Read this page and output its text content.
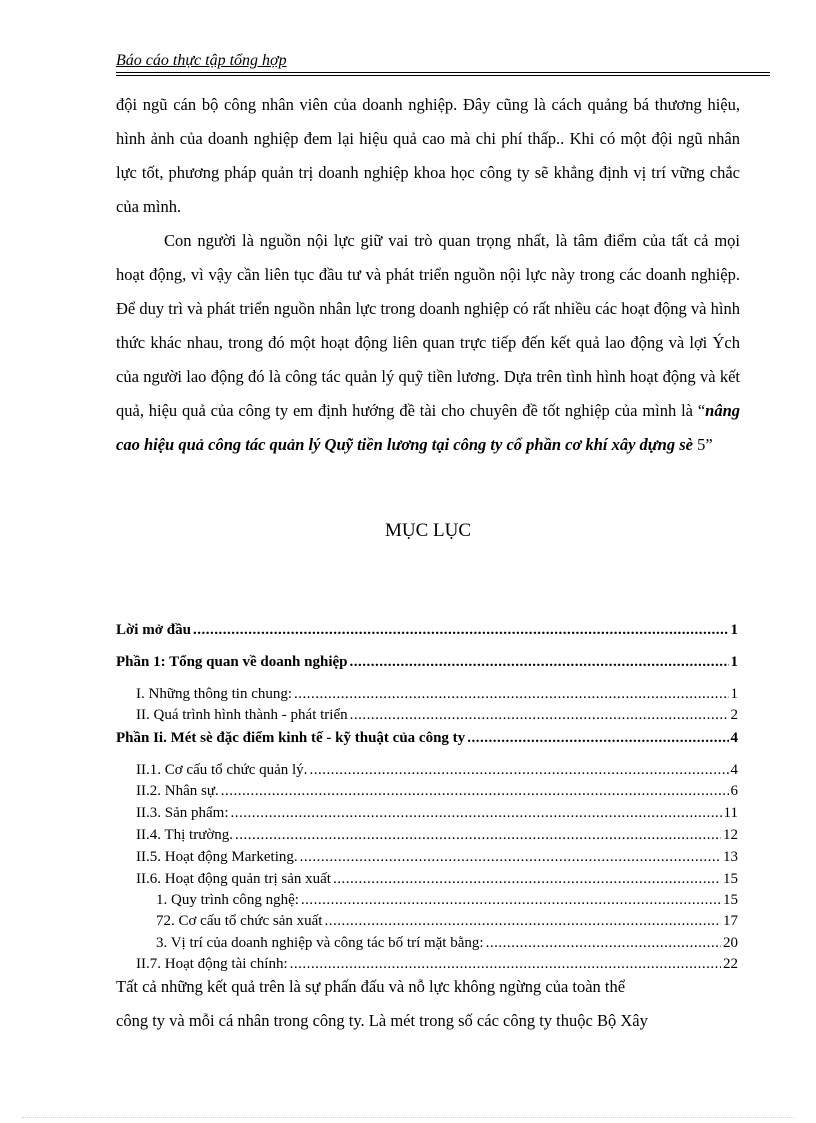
Báo cáo thực tập tổng hợp

đội ngũ cán bộ công nhân viên của doanh nghiệp. Đây cũng là cách quảng bá thương hiệu, hình ảnh của doanh nghiệp đem lại hiệu quả cao mà chi phí thấp.. Khi có một đội ngũ nhân lực tốt, phương pháp quản trị doanh nghiệp khoa học công ty sẽ khẳng định vị trí vững chắc của mình.

Con người là nguồn nội lực giữ vai trò quan trọng nhất, là tâm điểm của tất cả mọi hoạt động, vì vậy cần liên tục đầu tư và phát triển nguồn nội lực này trong các doanh nghiệp. Để duy trì và phát triển nguồn nhân lực trong doanh nghiệp có rất nhiều các hoạt động và hình thức khác nhau, trong đó một hoạt động liên quan trực tiếp đến kết quả lao động và lợi Ých của người lao động đó là công tác quản lý quỹ tiền lương. Dựa trên tình hình hoạt động và kết quả, hiệu quả của công ty em định hướng đề tài cho chuyên đề tốt nghiệp của mình là “nâng cao hiệu quả công tác quản lý Quỹ tiền lương tại công ty cổ phần cơ khí xây dựng sè 5”

MỤC LỤC
Lời mở đầu .....	1
Phần 1: Tổng quan về doanh nghiệp .....	1
I. Những thông tin chung: .....	1
II. Quá trình hình thành - phát triển .....	2
Phần Ii. Mét sè đặc điểm kinh tế - kỹ thuật của công ty .....	4
II.1. Cơ cấu tổ chức quản lý. .....	4
II.2. Nhân sự. .....	6
II.3. Sản phẩm: .....	11
II.4. Thị trường. .....	12
II.5. Hoạt động Marketing. .....	13
II.6. Hoạt động quản trị sản xuất .....	15
1. Quy trình công nghệ: .....	15
72. Cơ cấu tổ chức sản xuất .....	17
3. Vị trí của doanh nghiệp và công tác bố trí mặt bằng: .....	20
II.7. Hoạt động tài chính: .....	22

Tất cả những kết quả trên là sự phấn đấu và nỗ lực không ngừng của toàn thể

công ty và mỗi cá nhân trong công ty. Là mét trong số các công ty thuộc Bộ Xây
